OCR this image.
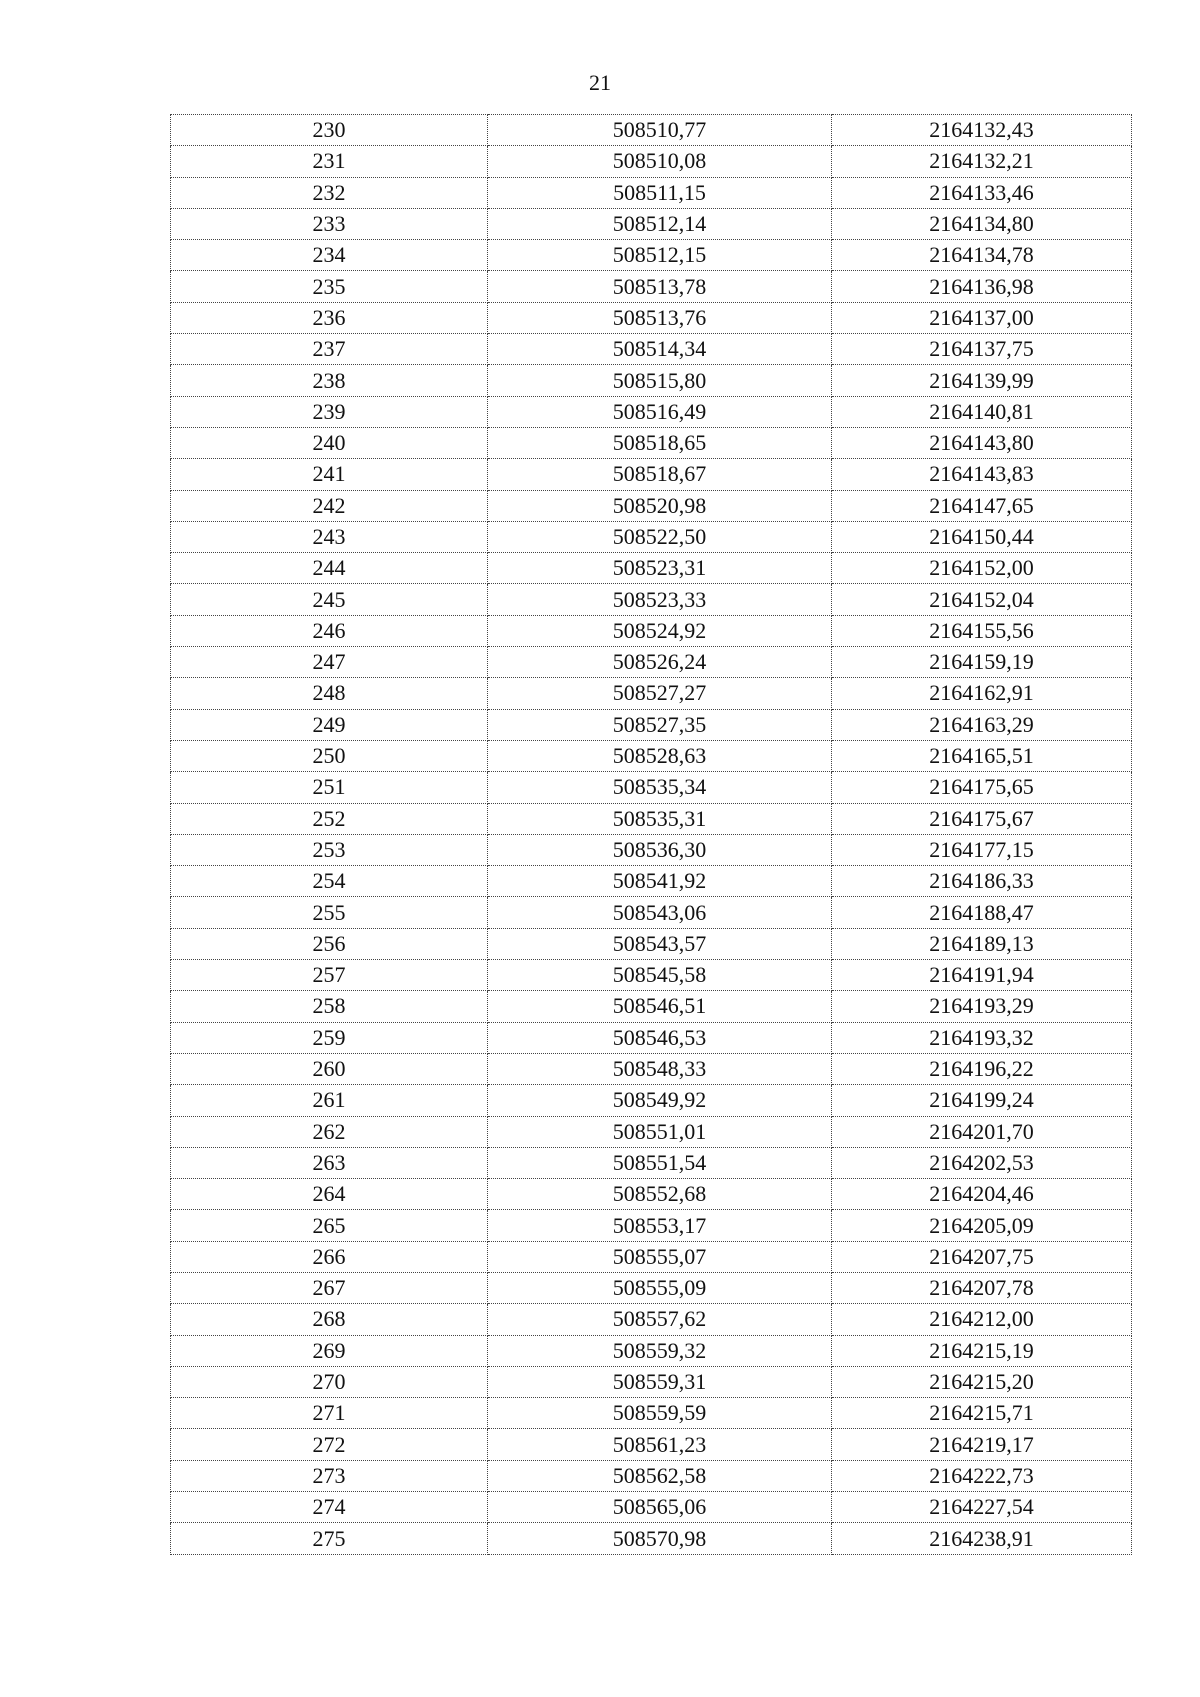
21
230	508510,77	2164132,43
231	508510,08	2164132,21
232	508511,15	2164133,46
233	508512,14	2164134,80
234	508512,15	2164134,78
235	508513,78	2164136,98
236	508513,76	2164137,00
237	508514,34	2164137,75
238	508515,80	2164139,99
239	508516,49	2164140,81
240	508518,65	2164143,80
241	508518,67	2164143,83
242	508520,98	2164147,65
243	508522,50	2164150,44
244	508523,31	2164152,00
245	508523,33	2164152,04
246	508524,92	2164155,56
247	508526,24	2164159,19
248	508527,27	2164162,91
249	508527,35	2164163,29
250	508528,63	2164165,51
251	508535,34	2164175,65
252	508535,31	2164175,67
253	508536,30	2164177,15
254	508541,92	2164186,33
255	508543,06	2164188,47
256	508543,57	2164189,13
257	508545,58	2164191,94
258	508546,51	2164193,29
259	508546,53	2164193,32
260	508548,33	2164196,22
261	508549,92	2164199,24
262	508551,01	2164201,70
263	508551,54	2164202,53
264	508552,68	2164204,46
265	508553,17	2164205,09
266	508555,07	2164207,75
267	508555,09	2164207,78
268	508557,62	2164212,00
269	508559,32	2164215,19
270	508559,31	2164215,20
271	508559,59	2164215,71
272	508561,23	2164219,17
273	508562,58	2164222,73
274	508565,06	2164227,54
275	508570,98	2164238,91
